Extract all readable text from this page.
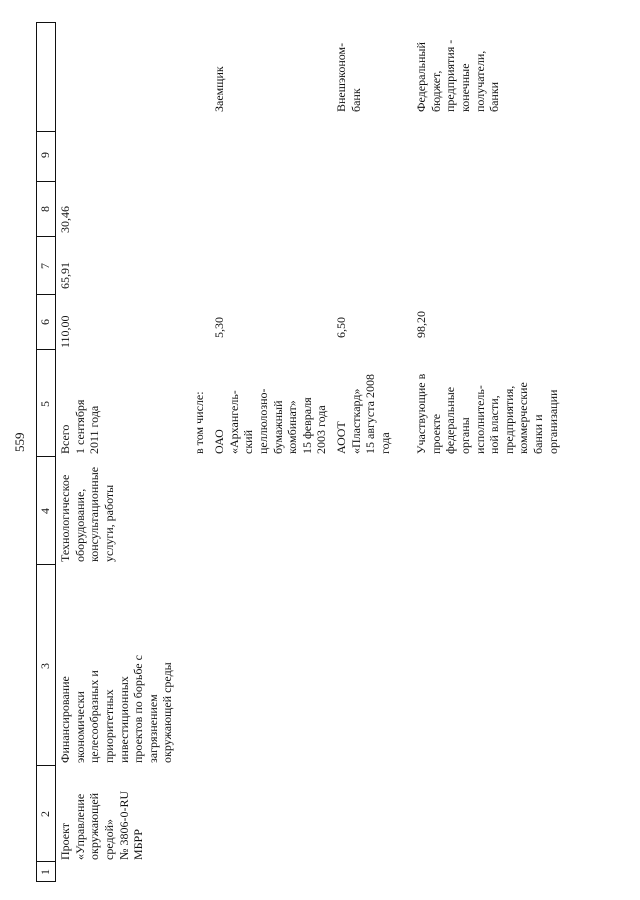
559
1
2
3
4
5
6
7
8
9
Проект «Управление окружающей средой» № 3806-0-RU МБРР
Финансирование экономически целесообразных и приоритетных инвестиционных проектов по борьбе с загрязнением окружающей среды
Технологическое оборудование, консультационные услуги, работы
Всего 1 сентября 2011 года
110,00
65,91
30,46
в том числе: ОАО «Архангель- ский целлюлозно- бумажный комбинат» 15 февраля 2003 года
5,30
Заемщик
АООТ «Пласткард» 15 августа 2008 года
6,50
Внешэконом- банк
Участвующие в проекте федеральные органы исполнитель- ной власти, предприятия, коммерческие банки и организации
98,20
Федеральный бюджет, предприятия - конечные получатели, банки
